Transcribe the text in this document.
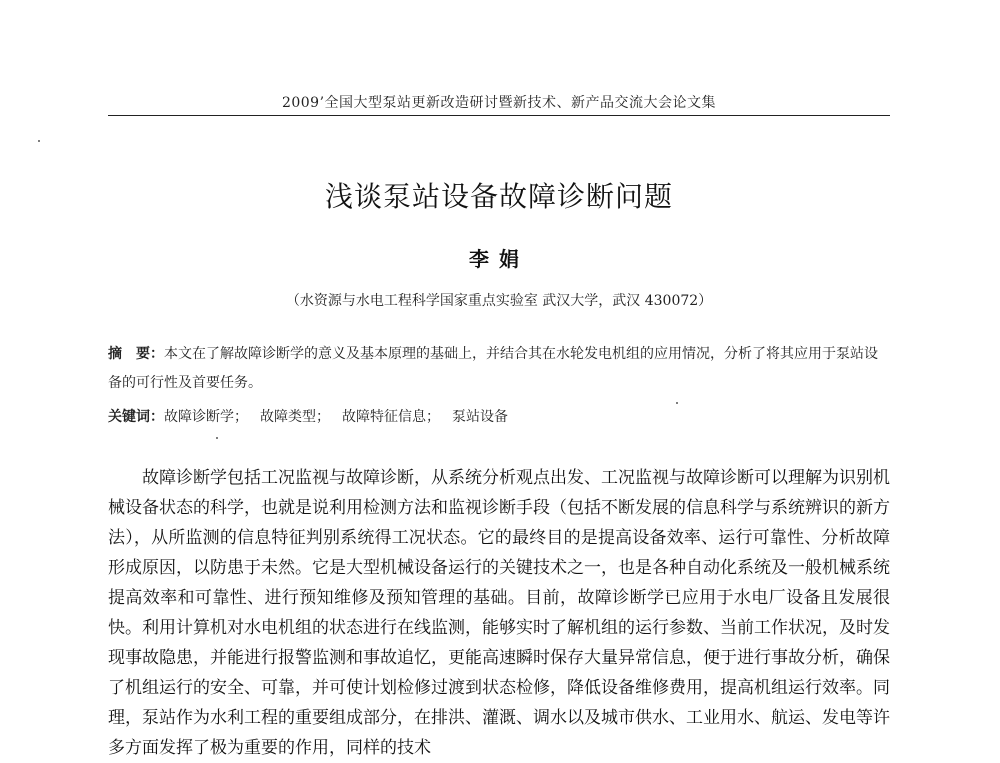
2009’全国大型泵站更新改造研讨暨新技术、新产品交流大会论文集
浅谈泵站设备故障诊断问题
李娟
（水资源与水电工程科学国家重点实验室 武汉大学，武汉 430072）

摘　要：本文在了解故障诊断学的意义及基本原理的基础上，并结合其在水轮发电机组的应用情况，分析了将其应用于泵站设备的可行性及首要任务。

关键词：故障诊断学； 故障类型； 故障特征信息； 泵站设备

故障诊断学包括工况监视与故障诊断，从系统分析观点出发、工况监视与故障诊断可以理解为识别机械设备状态的科学，也就是说利用检测方法和监视诊断手段（包括不断发展的信息科学与系统辨识的新方法），从所监测的信息特征判别系统得工况状态。它的最终目的是提高设备效率、运行可靠性、分析故障形成原因，以防患于未然。它是大型机械设备运行的关键技术之一，也是各种自动化系统及一般机械系统提高效率和可靠性、进行预知维修及预知管理的基础。目前，故障诊断学已应用于水电厂设备且发展很快。利用计算机对水电机组的状态进行在线监测，能够实时了解机组的运行参数、当前工作状况，及时发现事故隐患，并能进行报警监测和事故追忆，更能高速瞬时保存大量异常信息，便于进行事故分析，确保了机组运行的安全、可靠，并可使计划检修过渡到状态检修，降低设备维修费用，提高机组运行效率。同理，泵站作为水利工程的重要组成部分，在排洪、灌溉、调水以及城市供水、工业用水、航运、发电等许多方面发挥了极为重要的作用，同样的技术
